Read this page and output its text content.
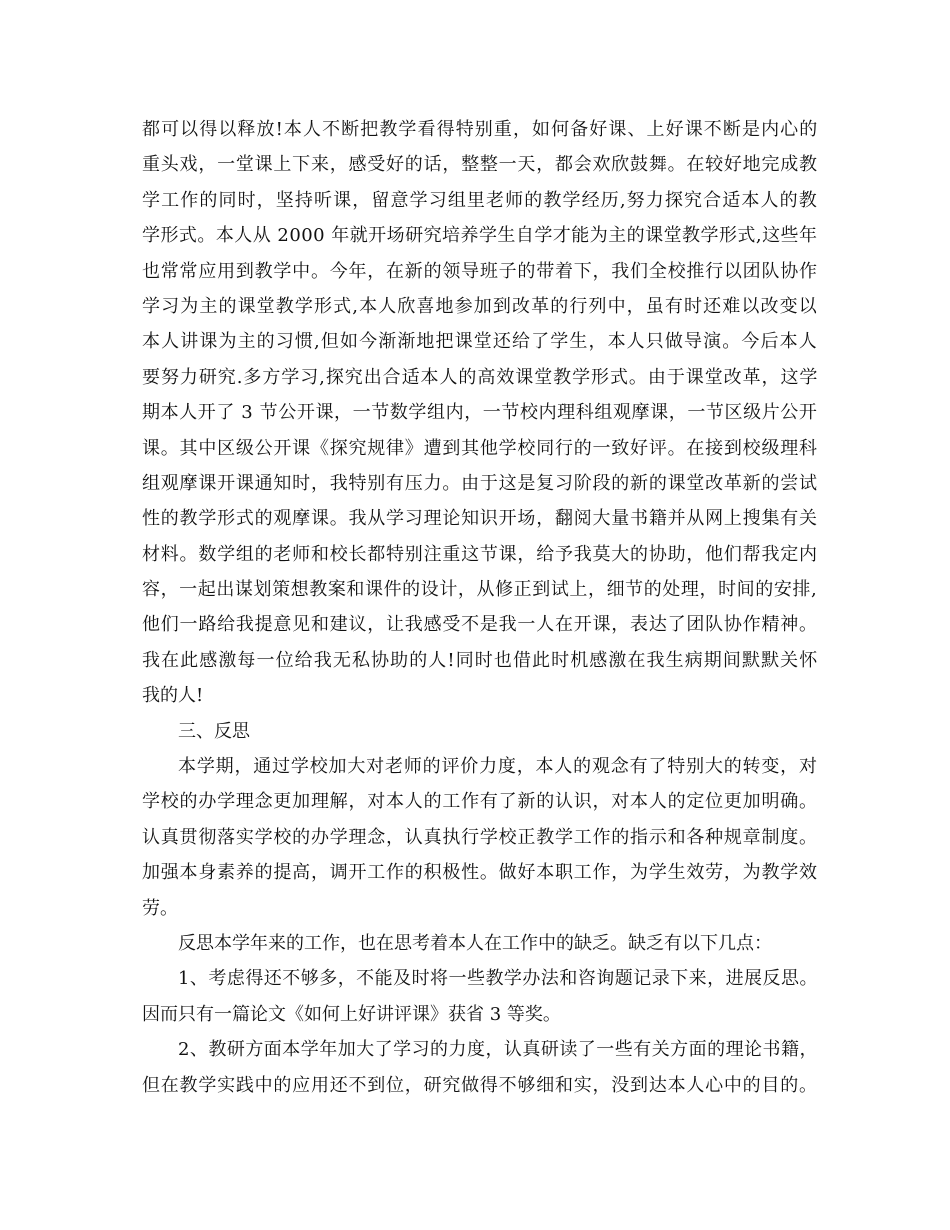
都可以得以释放!本人不断把教学看得特别重，如何备好课、上好课不断是内心的
重头戏，一堂课上下来，感受好的话，整整一天，都会欢欣鼓舞。在较好地完成教
学工作的同时，坚持听课，留意学习组里老师的教学经历,努力探究合适本人的教
学形式。本人从 2000 年就开场研究培养学生自学才能为主的课堂教学形式,这些年
也常常应用到教学中。今年，在新的领导班子的带着下，我们全校推行以团队协作
学习为主的课堂教学形式,本人欣喜地参加到改革的行列中，虽有时还难以改变以
本人讲课为主的习惯,但如今渐渐地把课堂还给了学生，本人只做导演。今后本人
要努力研究.多方学习,探究出合适本人的高效课堂教学形式。由于课堂改革，这学
期本人开了 3 节公开课，一节数学组内，一节校内理科组观摩课，一节区级片公开
课。其中区级公开课《探究规律》遭到其他学校同行的一致好评。在接到校级理科
组观摩课开课通知时，我特别有压力。由于这是复习阶段的新的课堂改革新的尝试
性的教学形式的观摩课。我从学习理论知识开场，翻阅大量书籍并从网上搜集有关
材料。数学组的老师和校长都特别注重这节课，给予我莫大的协助，他们帮我定内
容，一起出谋划策想教案和课件的设计，从修正到试上，细节的处理，时间的安排,
他们一路给我提意见和建议，让我感受不是我一人在开课，表达了团队协作精神。
我在此感激每一位给我无私协助的人!同时也借此时机感激在我生病期间默默关怀
我的人!
三、反思
本学期，通过学校加大对老师的评价力度，本人的观念有了特别大的转变，对
学校的办学理念更加理解，对本人的工作有了新的认识，对本人的定位更加明确。
认真贯彻落实学校的办学理念，认真执行学校正教学工作的指示和各种规章制度。
加强本身素养的提高，调开工作的积极性。做好本职工作，为学生效劳，为教学效
劳。
反思本学年来的工作，也在思考着本人在工作中的缺乏。缺乏有以下几点：
1、考虑得还不够多，不能及时将一些教学办法和咨询题记录下来，进展反思。
因而只有一篇论文《如何上好讲评课》获省 3 等奖。
2、教研方面本学年加大了学习的力度，认真研读了一些有关方面的理论书籍，
但在教学实践中的应用还不到位，研究做得不够细和实，没到达本人心中的目的。
